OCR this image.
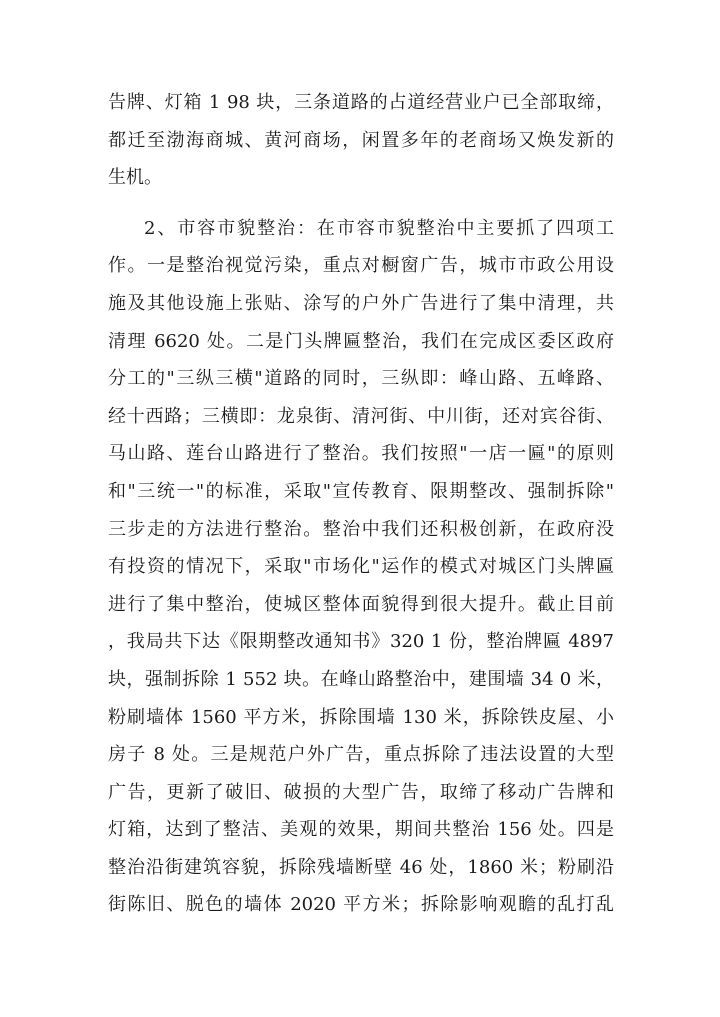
告牌、灯箱 1 98 块，三条道路的占道经营业户已全部取缔，
都迁至渤海商城、黄河商场，闲置多年的老商场又焕发新的
生机。
2、市容市貌整治：在市容市貌整治中主要抓了四项工
作。一是整治视觉污染，重点对橱窗广告，城市市政公用设
施及其他设施上张贴、涂写的户外广告进行了集中清理，共
清理 6620 处。二是门头牌匾整治，我们在完成区委区政府
分工的"三纵三横"道路的同时，三纵即：峰山路、五峰路、
经十西路；三横即：龙泉街、清河街、中川街，还对宾谷街、
马山路、莲台山路进行了整治。我们按照"一店一匾"的原则
和"三统一"的标准，采取"宣传教育、限期整改、强制拆除"
三步走的方法进行整治。整治中我们还积极创新，在政府没
有投资的情况下，采取"市场化"运作的模式对城区门头牌匾
进行了集中整治，使城区整体面貌得到很大提升。截止目前
，我局共下达《限期整改通知书》320 1 份，整治牌匾 4897
块，强制拆除 1 552 块。在峰山路整治中，建围墙 34 0 米，
粉刷墙体 1560 平方米，拆除围墙 130 米，拆除铁皮屋、小
房子 8 处。三是规范户外广告，重点拆除了违法设置的大型
广告，更新了破旧、破损的大型广告，取缔了移动广告牌和
灯箱，达到了整洁、美观的效果，期间共整治 156 处。四是
整治沿街建筑容貌，拆除残墙断壁 46 处，1860 米；粉刷沿
街陈旧、脱色的墙体 2020 平方米；拆除影响观瞻的乱打乱
